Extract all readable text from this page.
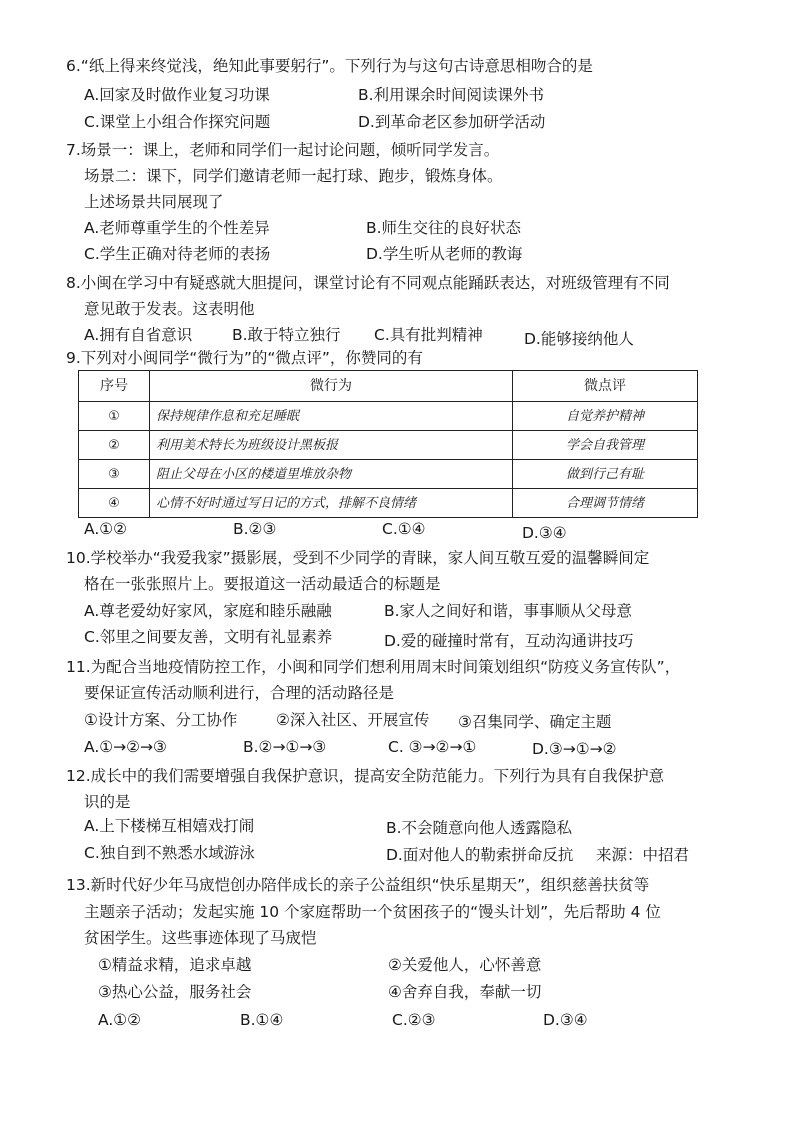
6.“纸上得来终觉浅，绝知此事要躬行”。下列行为与这句古诗意思相吻合的是
A.回家及时做作业复习功课	B.利用课余时间阅读课外书
C.课堂上小组合作探究问题	D.到革命老区参加研学活动
7.场景一：课上，老师和同学们一起讨论问题，倾听同学发言。
场景二：课下，同学们邀请老师一起打球、跑步，锻炼身体。
上述场景共同展现了
A.老师尊重学生的个性差异	B.师生交往的良好状态
C.学生正确对待老师的表扬	D.学生听从老师的教诲
8.小闽在学习中有疑惑就大胆提问，课堂讨论有不同观点能踊跃表达，对班级管理有不同
意见敢于发表。这表明他
A.拥有自省意识	B.敢于特立独行 C.具有批判精神	D.能够接纳他人
9.下列对小闽同学“微行为”的“微点评”，你赞同的有
序号	微行为	微点评
①	保持规律作息和充足睡眠	自觉养护精神
②	利用美术特长为班级设计黑板报	学会自我管理
③	阻止父母在小区的楼道里堆放杂物	做到行己有耻
④	心情不好时通过写日记的方式，排解不良情绪	合理调节情绪
A.①②	B.②③	C.①④	D.③④
10.学校举办“我爱我家”摄影展，受到不少同学的青睐，家人间互敬互爱的温馨瞬间定
格在一张张照片上。要报道这一活动最适合的标题是
A.尊老爱幼好家风，家庭和睦乐融融	B.家人之间好和谐，事事顺从父母意
C.邻里之间要友善，文明有礼显素养	D.爱的碰撞时常有，互动沟通讲技巧
11.为配合当地疫情防控工作，小闽和同学们想利用周末时间策划组织“防疫义务宣传队”，
要保证宣传活动顺利进行，合理的活动路径是
①设计方案、分工协作 ②深入社区、开展宣传 ③召集同学、确定主题
A.①→②→③	B.②→①→③	C. ③→②→①	D.③→①→②
12.成长中的我们需要增强自我保护意识，提高安全防范能力。下列行为具有自我保护意
识的是
A.上下楼梯互相嬉戏打闹	B.不会随意向他人透露隐私
C.独自到不熟悉水域游泳	D.面对他人的勒索拼命反抗 来源：中招君
13.新时代好少年马宬恺创办陪伴成长的亲子公益组织“快乐星期天”，组织慈善扶贫等
主题亲子活动；发起实施 10 个家庭帮助一个贫困孩子的“馒头计划”，先后帮助 4 位
贫困学生。这些事迹体现了马宬恺
①精益求精，追求卓越	②关爱他人，心怀善意
③热心公益，服务社会	④舍弃自我，奉献一切
A.①②	B.①④	C.②③	D.③④
